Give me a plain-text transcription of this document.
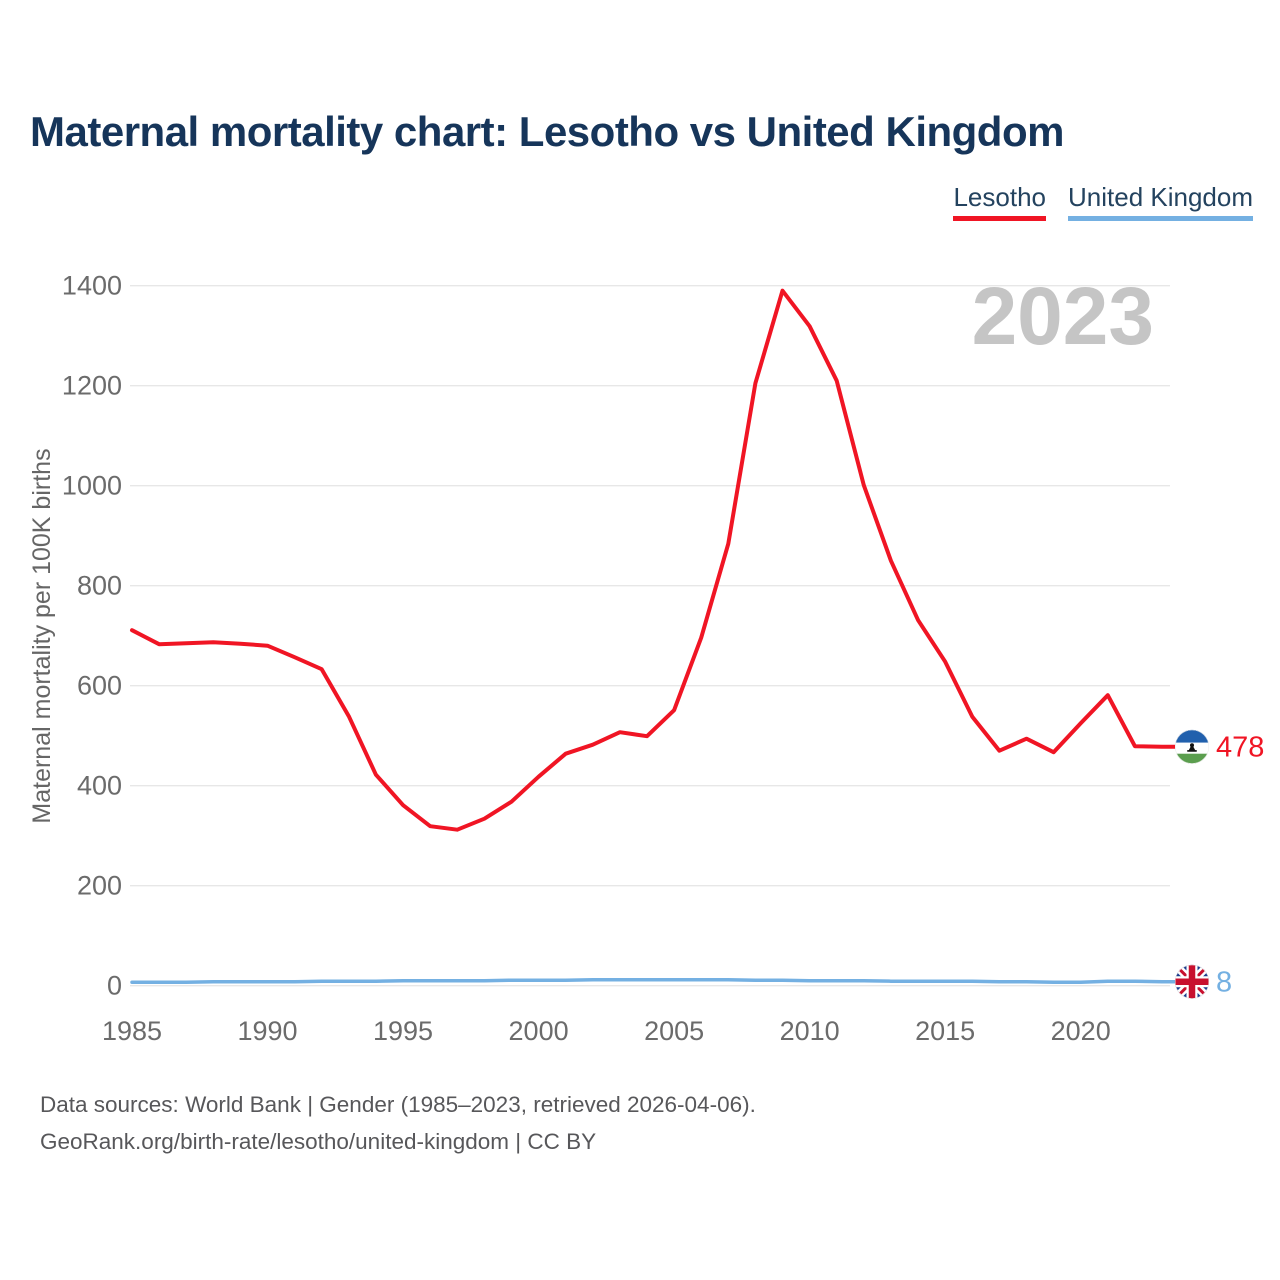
Maternal mortality chart: Lesotho vs United Kingdom
Lesotho United Kingdom
2023
Maternal mortality per 100K births
0
200
400
600
800
1000
1200
1400
1985	1990	1995	2000	2005	2010	2015	2020
478
8
Data sources: World Bank | Gender (1985–2023, retrieved 2026-04-06).
GeoRank.org/birth-rate/lesotho/united-kingdom | CC BY
